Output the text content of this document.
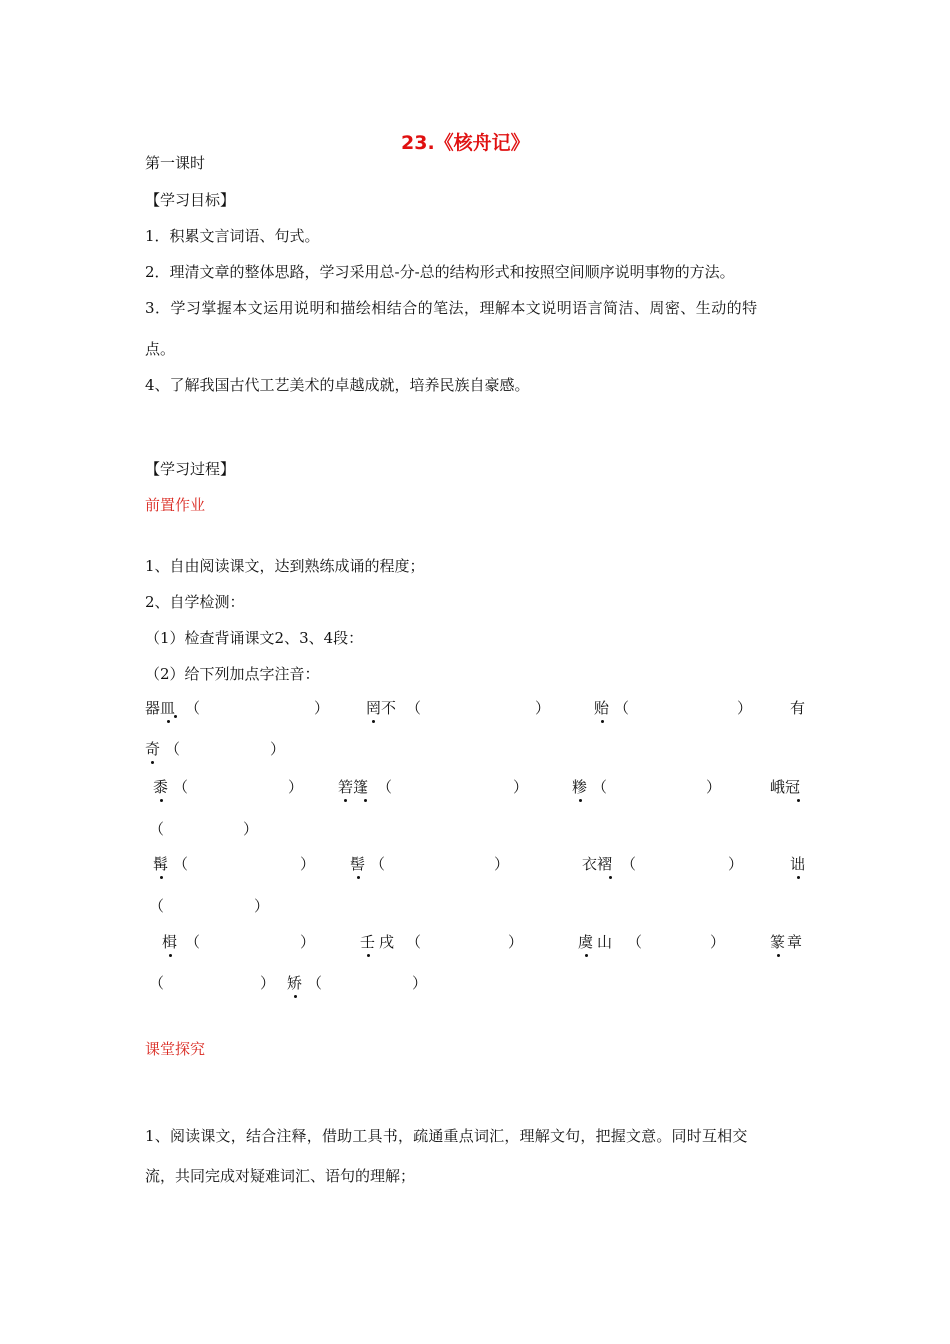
23.《核舟记》
第一课时
【学习目标】
1．积累文言词语、句式。
2．理清文章的整体思路，学习采用总-分-总的结构形式和按照空间顺序说明事物的方法。
3．学习掌握本文运用说明和描绘相结合的笔法，理解本文说明语言简洁、周密、生动的特
点。
4、了解我国古代工艺美术的卓越成就，培养民族自豪感。
【学习过程】
前置作业
1、自由阅读课文，达到熟练成诵的程度；
2、自学检测：
（1）检查背诵课文2、3、4段：
（2）给下列加点字注音：
器皿 （	） 罔不 （	）	贻 （	）	有
奇 （	）
黍 （	） 箬篷 （	）	糁 （	）	峨冠
（	）
髯 （	） 髻 （	）	衣褶 （	）	诎
（	）
楫 （	）	壬戌 （	）	虞山 （	）	篆章
（	） 矫 （	）
课堂探究
1、阅读课文，结合注释，借助工具书，疏通重点词汇，理解文句，把握文意。同时互相交
流，共同完成对疑难词汇、语句的理解；
